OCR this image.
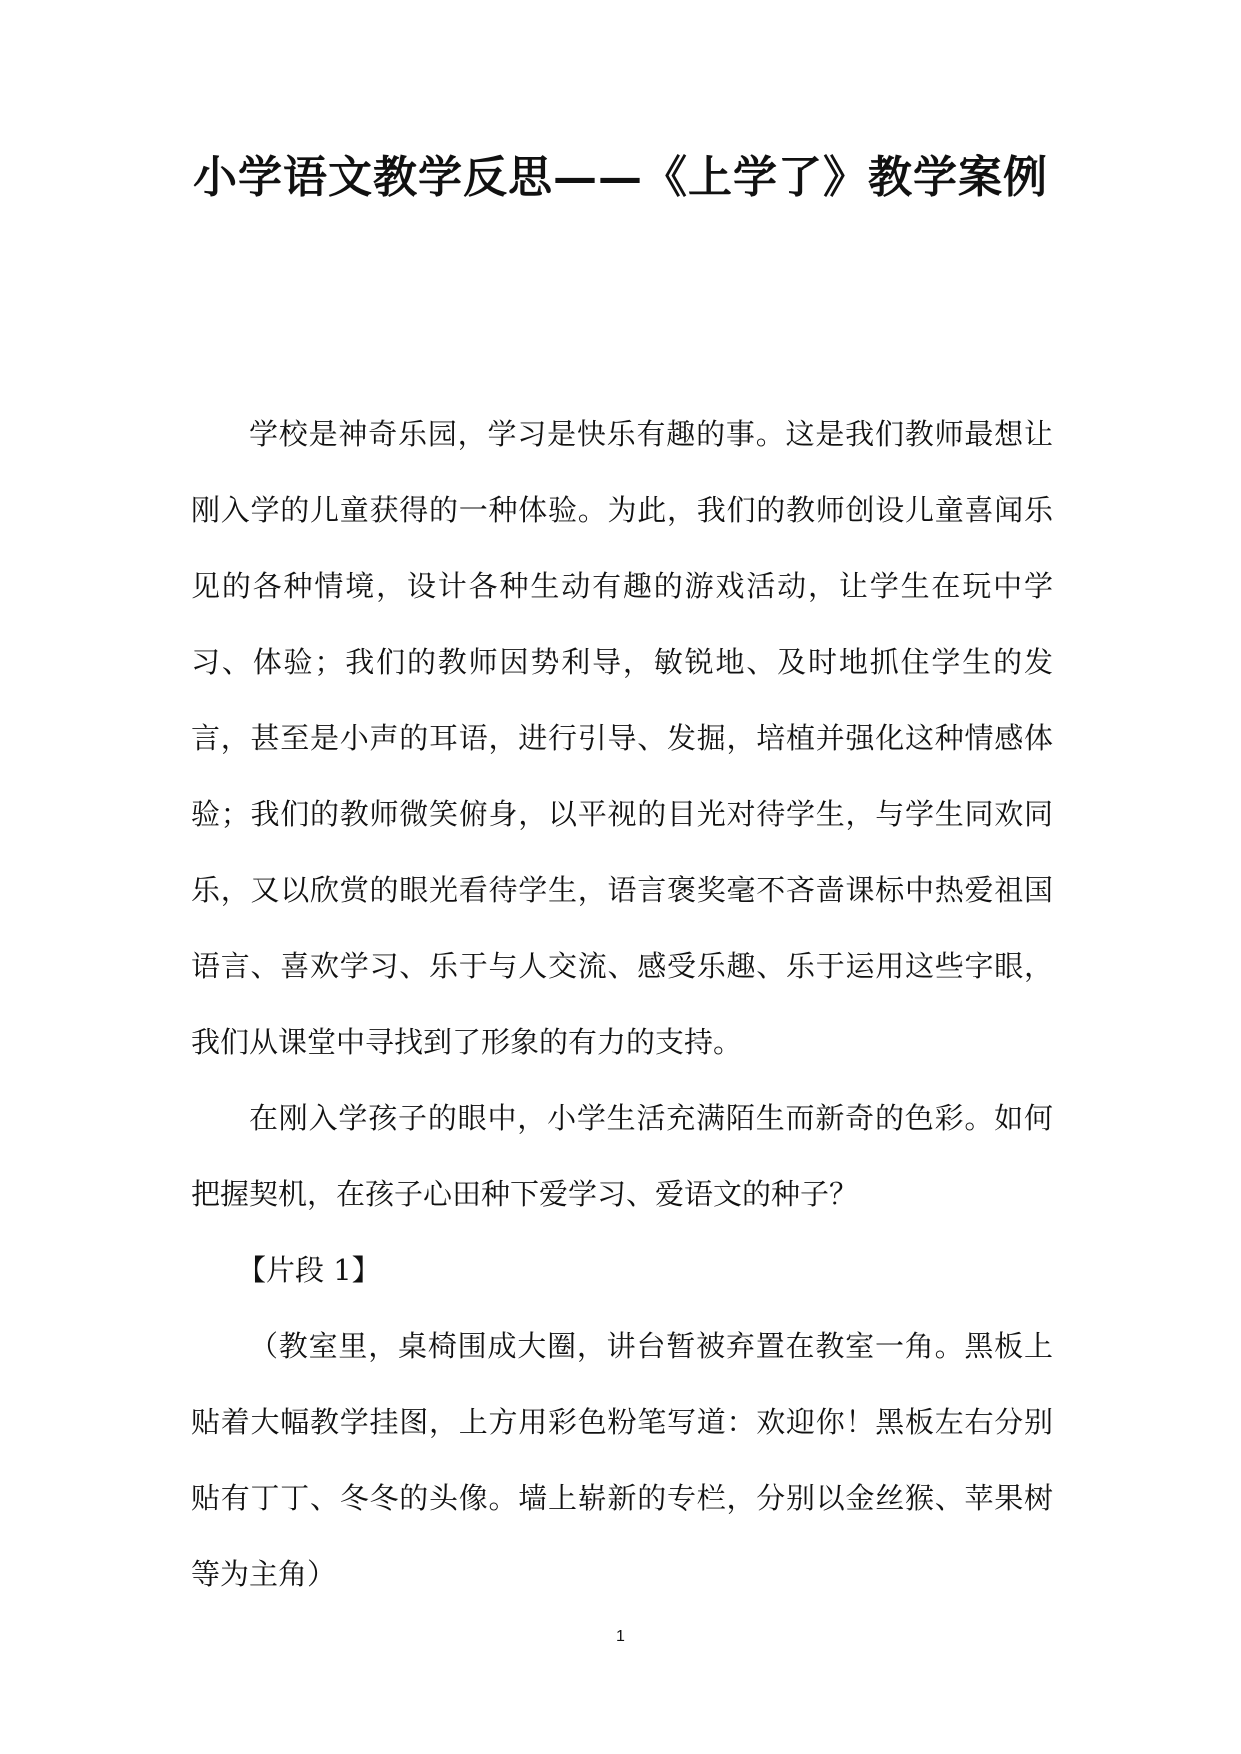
小学语文教学反思——《上学了》教学案例

学校是神奇乐园，学习是快乐有趣的事。这是我们教师最想让刚入学的儿童获得的一种体验。为此，我们的教师创设儿童喜闻乐见的各种情境，设计各种生动有趣的游戏活动，让学生在玩中学习、体验；我们的教师因势利导，敏锐地、及时地抓住学生的发言，甚至是小声的耳语，进行引导、发掘，培植并强化这种情感体验；我们的教师微笑俯身，以平视的目光对待学生，与学生同欢同乐，又以欣赏的眼光看待学生，语言褒奖毫不吝啬课标中热爱祖国语言、喜欢学习、乐于与人交流、感受乐趣、乐于运用这些字眼，我们从课堂中寻找到了形象的有力的支持。

在刚入学孩子的眼中，小学生活充满陌生而新奇的色彩。如何把握契机，在孩子心田种下爱学习、爱语文的种子？

【片段 1】

（教室里，桌椅围成大圈，讲台暂被弃置在教室一角。黑板上贴着大幅教学挂图，上方用彩色粉笔写道：欢迎你！黑板左右分别贴有丁丁、冬冬的头像。墙上崭新的专栏，分别以金丝猴、苹果树等为主角）

1
